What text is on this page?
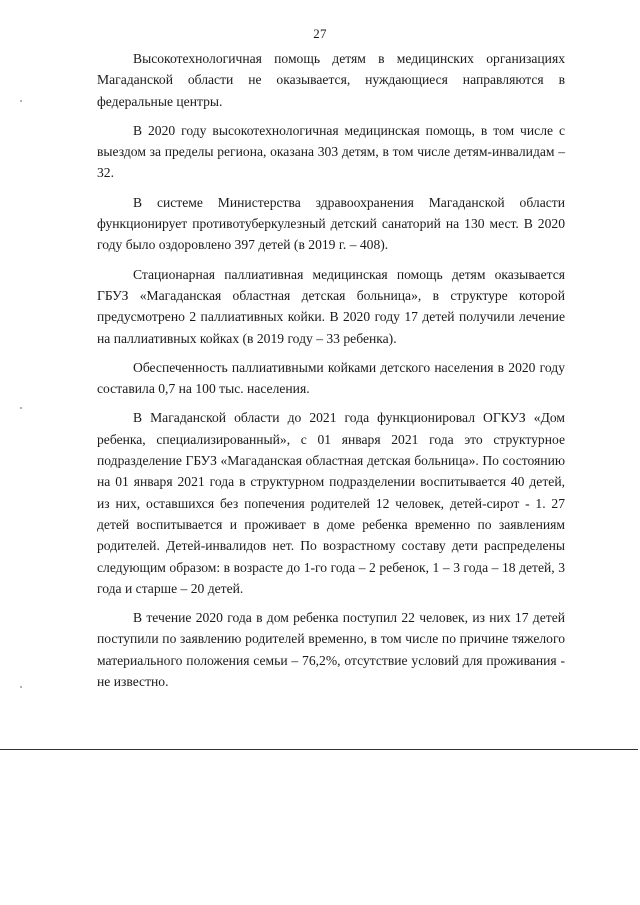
27

Высокотехнологичная помощь детям в медицинских организациях Магаданской области не оказывается, нуждающиеся направляются в федеральные центры.

В 2020 году высокотехнологичная медицинская помощь, в том числе с выездом за пределы региона, оказана 303 детям, в том числе детям-инвалидам – 32.

В системе Министерства здравоохранения Магаданской области функционирует противотуберкулезный детский санаторий на 130 мест. В 2020 году было оздоровлено 397 детей (в 2019 г. – 408).

Стационарная паллиативная медицинская помощь детям оказывается ГБУЗ «Магаданская областная детская больница», в структуре которой предусмотрено 2 паллиативных койки. В 2020 году 17 детей получили лечение на паллиативных койках (в 2019 году – 33 ребенка).

Обеспеченность паллиативными койками детского населения в 2020 году составила 0,7 на 100 тыс. населения.

В Магаданской области до 2021 года функционировал ОГКУЗ «Дом ребенка, специализированный», с 01 января 2021 года это структурное подразделение ГБУЗ «Магаданская областная детская больница». По состоянию на 01 января 2021 года в структурном подразделении воспитывается 40 детей, из них, оставшихся без попечения родителей 12 человек, детей-сирот - 1. 27 детей воспитывается и проживает в доме ребенка временно по заявлениям родителей. Детей-инвалидов нет. По возрастному составу дети распределены следующим образом: в возрасте до 1-го года – 2 ребенок, 1 – 3 года – 18 детей, 3 года и старше – 20 детей.

В течение 2020 года в дом ребенка поступил 22 человек, из них 17 детей поступили по заявлению родителей временно, в том числе по причине тяжелого материального положения семьи – 76,2%, отсутствие условий для проживания - не известно.
